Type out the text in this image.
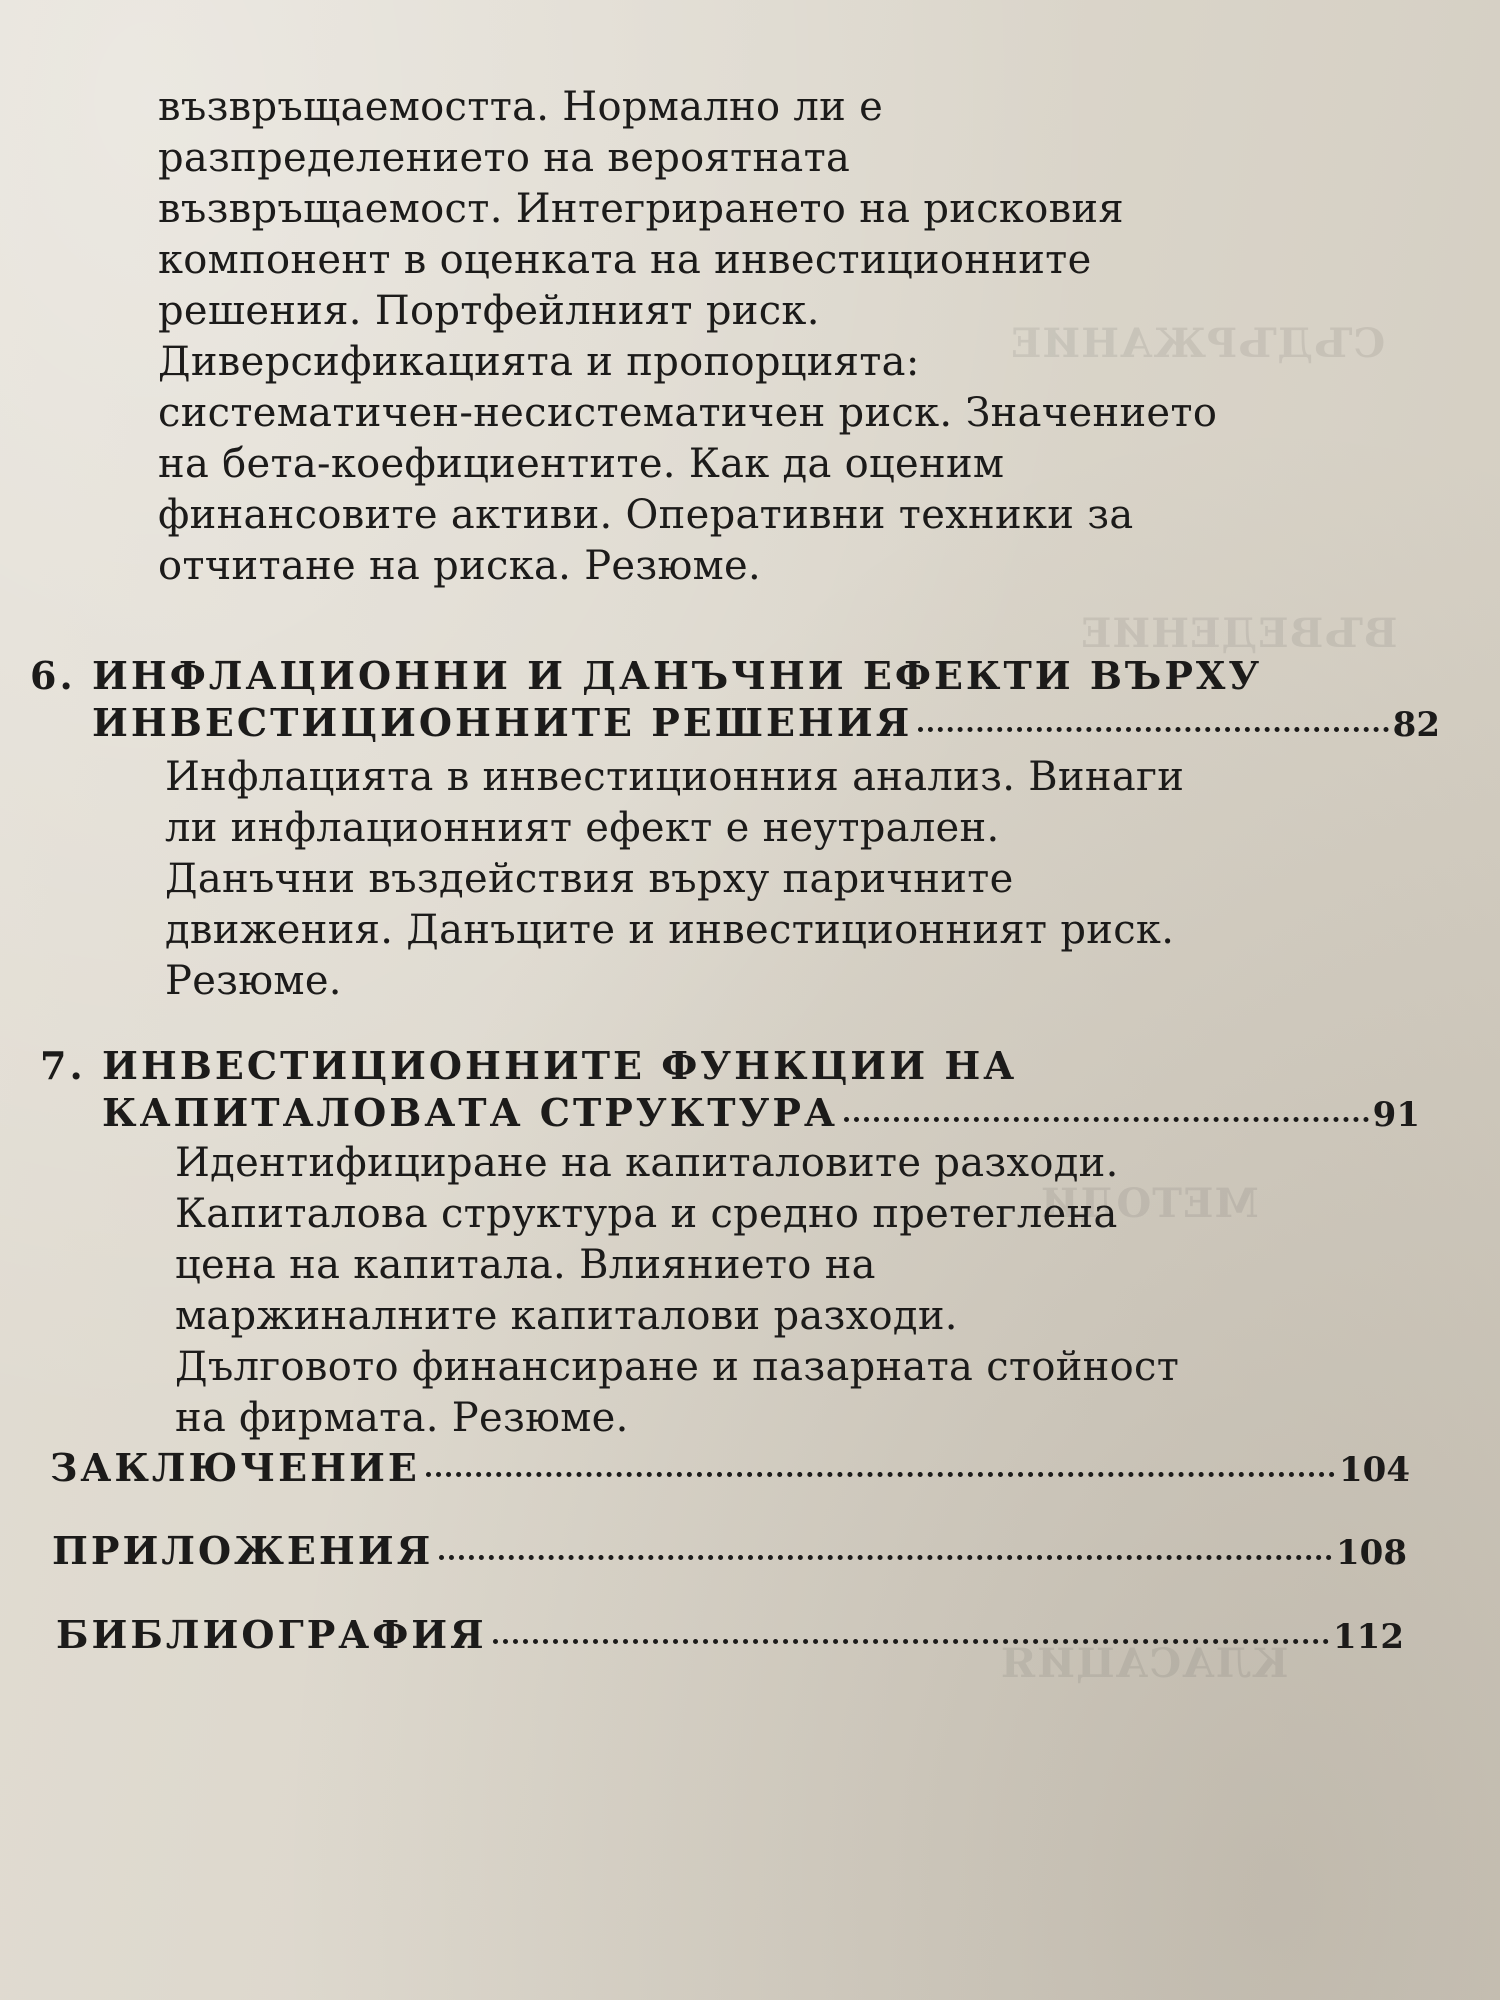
СЪДЪРЖАНИЕ
ВЪВЕДЕНИЕ
МЕТОДИ
КЛАСАЦИЯ
възвръщаемостта. Нормално ли е
разпределението на вероятната
възвръщаемост. Интегрирането на рисковия
компонент в оценката на инвестиционните
решения. Портфейлният риск.
Диверсификацията и пропорцията:
систематичен-несистематичен риск. Значението
на бета-коефициентите. Как да оценим
финансовите активи. Оперативни техники за
отчитане на риска. Резюме.
6. ИНФЛАЦИОННИ И ДАНЪЧНИ ЕФЕКТИ ВЪРХУ
ИНВЕСТИЦИОННИТЕ РЕШЕНИЯ	82
Инфлацията в инвестиционния анализ. Винаги
ли инфлационният ефект е неутрален.
Данъчни въздействия върху паричните
движения. Данъците и инвестиционният риск.
Резюме.
7. ИНВЕСТИЦИОННИТЕ ФУНКЦИИ НА
КАПИТАЛОВАТА СТРУКТУРА	91
Идентифициране на капиталовите разходи.
Капиталова структура и средно претеглена
цена на капитала. Влиянието на
маржиналните капиталови разходи.
Дълговото финансиране и пазарната стойност
на фирмата. Резюме.
ЗАКЛЮЧЕНИЕ	104
ПРИЛОЖЕНИЯ	108
БИБЛИОГРАФИЯ	112
